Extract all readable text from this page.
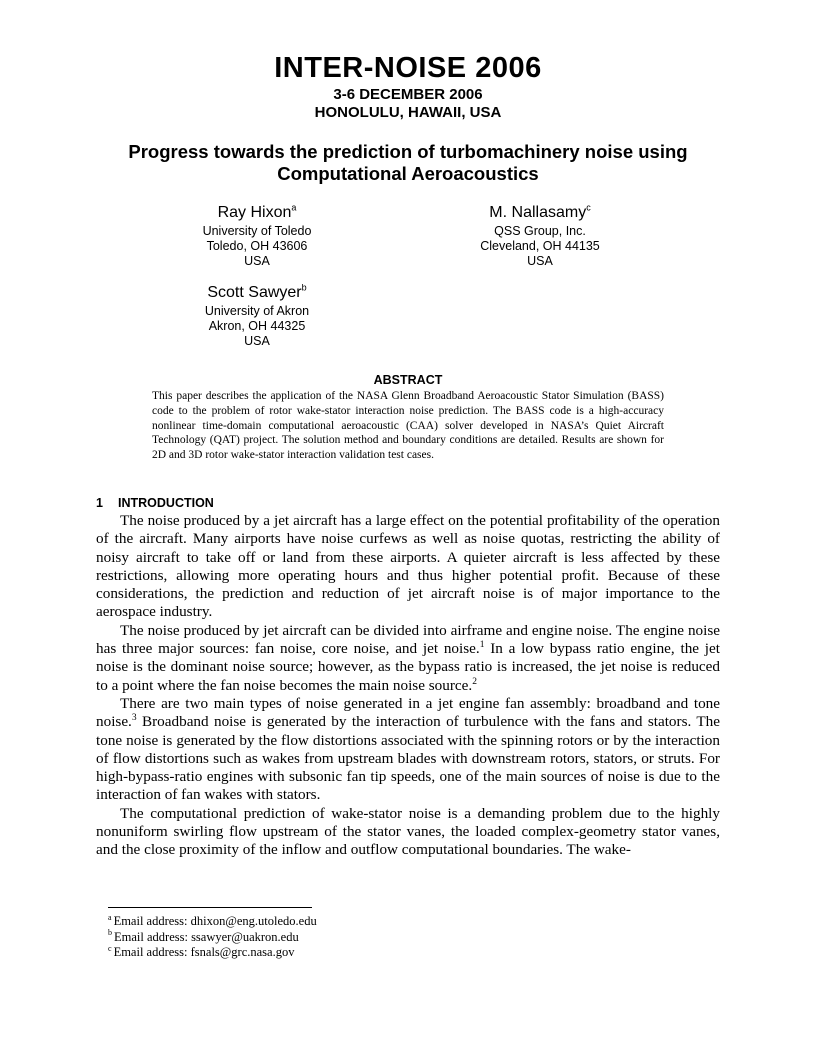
INTER-NOISE 2006
3-6 DECEMBER 2006
HONOLULU, HAWAII, USA
Progress towards the prediction of turbomachinery noise using Computational Aeroacoustics
Ray Hixon$^a$
University of Toledo
Toledo, OH 43606
USA
M. Nallasamy$^c$
QSS Group, Inc.
Cleveland, OH 44135
USA
Scott Sawyer$^b$
University of Akron
Akron, OH 44325
USA
ABSTRACT
This paper describes the application of the NASA Glenn Broadband Aeroacoustic Stator Simulation (BASS) code to the problem of rotor wake-stator interaction noise prediction. The BASS code is a high-accuracy nonlinear time-domain computational aeroacoustic (CAA) solver developed in NASA’s Quiet Aircraft Technology (QAT) project. The solution method and boundary conditions are detailed. Results are shown for 2D and 3D rotor wake-stator interaction validation test cases.
1 INTRODUCTION

The noise produced by a jet aircraft has a large effect on the potential profitability of the operation of the aircraft. Many airports have noise curfews as well as noise quotas, restricting the ability of noisy aircraft to take off or land from these airports. A quieter aircraft is less affected by these restrictions, allowing more operating hours and thus higher potential profit. Because of these considerations, the prediction and reduction of jet aircraft noise is of major importance to the aerospace industry.

The noise produced by jet aircraft can be divided into airframe and engine noise. The engine noise has three major sources: fan noise, core noise, and jet noise.$^1$ In a low bypass ratio engine, the jet noise is the dominant noise source; however, as the bypass ratio is increased, the jet noise is reduced to a point where the fan noise becomes the main noise source.$^2$

There are two main types of noise generated in a jet engine fan assembly: broadband and tone noise.$^3$ Broadband noise is generated by the interaction of turbulence with the fans and stators. The tone noise is generated by the flow distortions associated with the spinning rotors or by the interaction of flow distortions such as wakes from upstream blades with downstream rotors, stators, or struts. For high-bypass-ratio engines with subsonic fan tip speeds, one of the main sources of noise is due to the interaction of fan wakes with stators.

The computational prediction of wake-stator noise is a demanding problem due to the highly nonuniform swirling flow upstream of the stator vanes, the loaded complex-geometry stator vanes, and the close proximity of the inflow and outflow computational boundaries. The wake-

$^a$ Email address: dhixon@eng.utoledo.edu
$^b$ Email address: ssawyer@uakron.edu
$^c$ Email address: fsnals@grc.nasa.gov
